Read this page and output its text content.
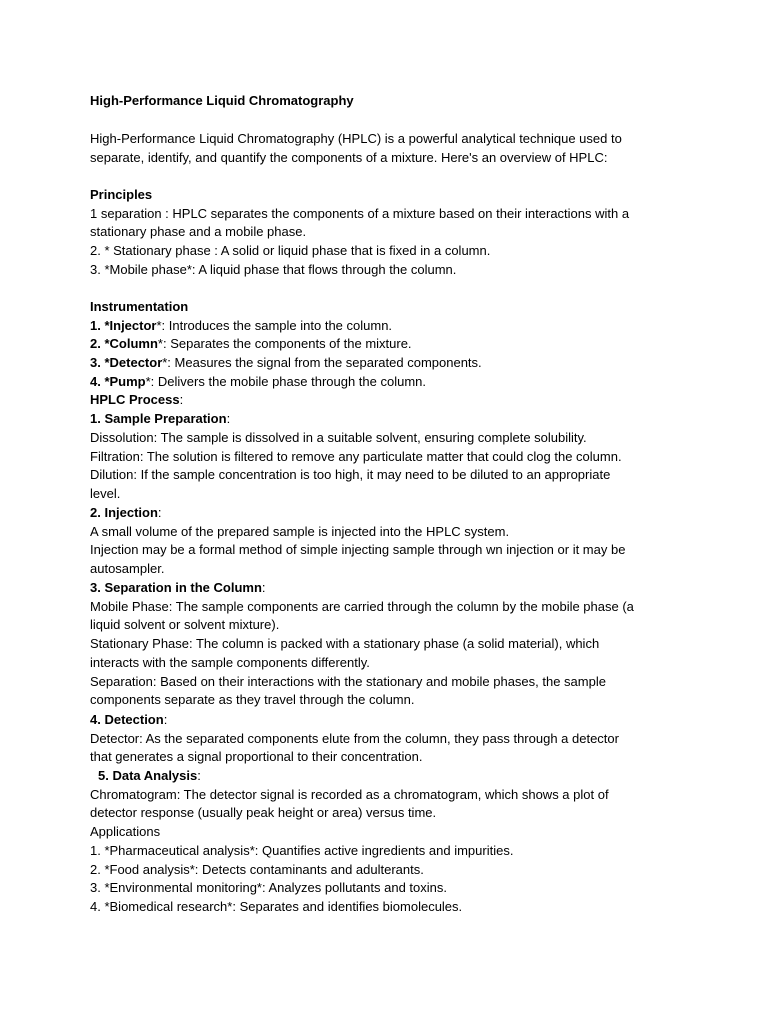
High-Performance Liquid Chromatography
High-Performance Liquid Chromatography (HPLC) is a powerful analytical technique used to
separate, identify, and quantify the components of a mixture. Here's an overview of HPLC:
Principles
1 separation : HPLC separates the components of a mixture based on their interactions with a
stationary phase and a mobile phase.
2. * Stationary phase : A solid or liquid phase that is fixed in a column.
3. *Mobile phase*: A liquid phase that flows through the column.
Instrumentation
1. *Injector*: Introduces the sample into the column.
2. *Column*: Separates the components of the mixture.
3. *Detector*: Measures the signal from the separated components.
4. *Pump*: Delivers the mobile phase through the column.
HPLC Process:
1. Sample Preparation:
Dissolution: The sample is dissolved in a suitable solvent, ensuring complete solubility.
Filtration: The solution is filtered to remove any particulate matter that could clog the column.
Dilution: If the sample concentration is too high, it may need to be diluted to an appropriate
level.
2. Injection:
A small volume of the prepared sample is injected into the HPLC system.
Injection may be a formal method of simple injecting sample through wn injection or it may be
autosampler.
3. Separation in the Column:
Mobile Phase: The sample components are carried through the column by the mobile phase (a
liquid solvent or solvent mixture).
Stationary Phase: The column is packed with a stationary phase (a solid material), which
interacts with the sample components differently.
Separation: Based on their interactions with the stationary and mobile phases, the sample
components separate as they travel through the column.
4. Detection:
Detector: As the separated components elute from the column, they pass through a detector
that generates a signal proportional to their concentration.
5. Data Analysis:
Chromatogram: The detector signal is recorded as a chromatogram, which shows a plot of
detector response (usually peak height or area) versus time.
Applications
1. *Pharmaceutical analysis*: Quantifies active ingredients and impurities.
2. *Food analysis*: Detects contaminants and adulterants.
3. *Environmental monitoring*: Analyzes pollutants and toxins.
4. *Biomedical research*: Separates and identifies biomolecules.
